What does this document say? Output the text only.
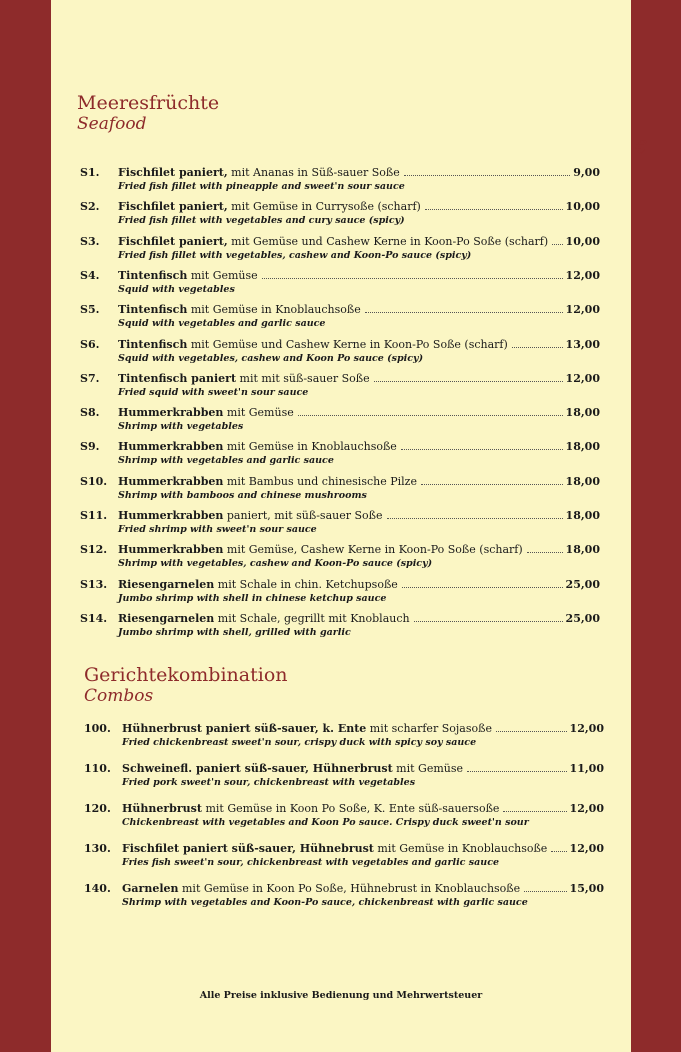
Meeresfrüchte
Seafood
€
S1.	Fischfilet paniert, mit Ananas in Süß-sauer Soße	9,00
Fried fish fillet with pineapple and sweet'n sour sauce
S2.	Fischfilet paniert, mit Gemüse in Currysoße (scharf)	10,00
Fried fish fillet with vegetables and cury sauce (spicy)
S3.	Fischfilet paniert, mit Gemüse und Cashew Kerne in Koon-Po Soße (scharf) 10,00
Fried fish fillet with vegetables, cashew and Koon-Po sauce (spicy)
S4.	Tintenfisch mit Gemüse	12,00
Squid with vegetables
S5.	Tintenfisch mit Gemüse in Knoblauchsoße	12,00
Squid with vegetables and garlic sauce
S6.	Tintenfisch mit Gemüse und Cashew Kerne in Koon-Po Soße (scharf)	13,00
Squid with vegetables, cashew and Koon Po sauce (spicy)
S7.	Tintenfisch paniert mit mit süß-sauer Soße	12,00
Fried squid with sweet'n sour sauce
S8.	Hummerkrabben mit Gemüse	18,00
Shrimp with vegetables
S9.	Hummerkrabben mit Gemüse in Knoblauchsoße	18,00
Shrimp with vegetables and garlic sauce
S10. Hummerkrabben mit Bambus und chinesische Pilze	18,00
Shrimp with bamboos and chinese mushrooms
S11. Hummerkrabben paniert, mit süß-sauer Soße	18,00
Fried shrimp with sweet'n sour sauce
S12. Hummerkrabben mit Gemüse, Cashew Kerne in Koon-Po Soße (scharf)	18,00
Shrimp with vegetables, cashew and Koon-Po sauce (spicy)
S13. Riesengarnelen mit Schale in chin. Ketchupsoße	25,00
Jumbo shrimp with shell in chinese ketchup sauce
S14. Riesengarnelen mit Schale, gegrillt mit Knoblauch	25,00
Jumbo shrimp with shell, grilled with garlic
Gerichtekombination
Combos
100.	Hühnerbrust paniert süß-sauer, k. Ente mit scharfer Sojasoße	12,00
Fried chickenbreast sweet'n sour, crispy duck with spicy soy sauce
110.	Schweinefl. paniert süß-sauer, Hühnerbrust mit Gemüse	11,00
Fried pork sweet'n sour, chickenbreast with vegetables
120.	Hühnerbrust mit Gemüse in Koon Po Soße, K. Ente süß-sauersoße	12,00
Chickenbreast with vegetables and Koon Po sauce. Crispy duck sweet'n sour
130.	Fischfilet paniert süß-sauer, Hühnebrust mit Gemüse in Knoblauchsoße 12,00
Fries fish sweet'n sour, chickenbreast with vegetables and garlic sauce
140.	Garnelen mit Gemüse in Koon Po Soße, Hühnebrust in Knoblauchsoße	15,00
Shrimp with vegetables and Koon-Po sauce, chickenbreast with garlic sauce
Alle Preise inklusive Bedienung und Mehrwertsteuer
